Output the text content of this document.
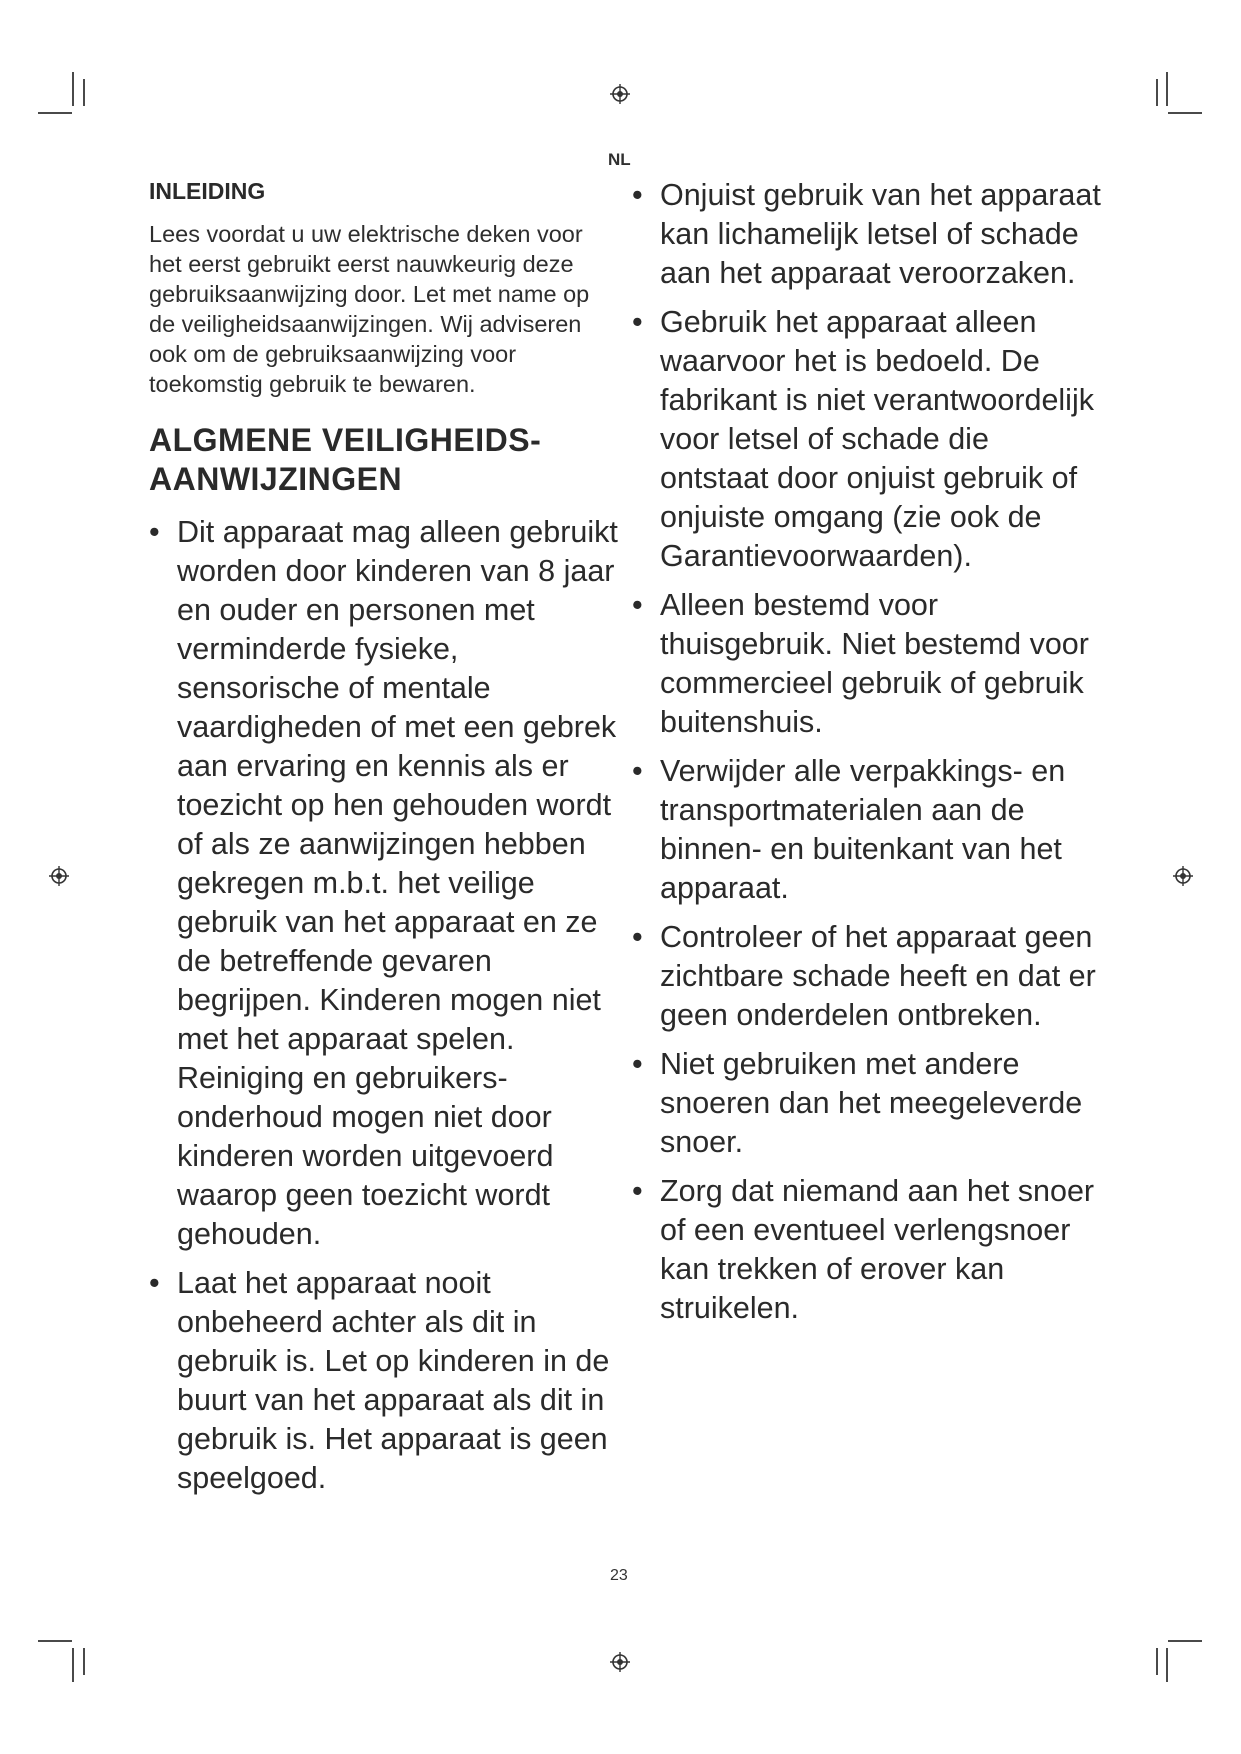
NL
INLEIDING

Lees voordat u uw elektrische deken voor het eerst gebruikt eerst nauwkeurig deze gebruiksaanwijzing door. Let met name op de veiligheidsaanwijzingen. Wij adviseren ook om de gebruiksaanwijzing voor toekomstig gebruik te bewaren.

ALGMENE VEILIGHEIDS-AANWIJZINGEN
• Dit apparaat mag alleen gebruikt worden door kinderen van 8 jaar en ouder en personen met verminderde fysieke, sensorische of mentale vaardigheden of met een gebrek aan ervaring en kennis als er toezicht op hen gehouden wordt of als ze aanwijzingen hebben gekregen m.b.t. het veilige gebruik van het apparaat en ze de betreffende gevaren begrijpen. Kinderen mogen niet met het apparaat spelen. Reiniging en gebruikers-onderhoud mogen niet door kinderen worden uitgevoerd waarop geen toezicht wordt gehouden.
• Laat het apparaat nooit onbeheerd achter als dit in gebruik is. Let op kinderen in de buurt van het apparaat als dit in gebruik is. Het apparaat is geen speelgoed.
• Onjuist gebruik van het apparaat kan lichamelijk letsel of schade aan het apparaat veroorzaken.
• Gebruik het apparaat alleen waarvoor het is bedoeld. De fabrikant is niet verantwoordelijk voor letsel of schade die ontstaat door onjuist gebruik of onjuiste omgang (zie ook de Garantievoorwaarden).
• Alleen bestemd voor thuisgebruik. Niet bestemd voor commercieel gebruik of gebruik buitenshuis.
• Verwijder alle verpakkings- en transportmaterialen aan de binnen- en buitenkant van het apparaat.
• Controleer of het apparaat geen zichtbare schade heeft en dat er geen onderdelen ontbreken.
• Niet gebruiken met andere snoeren dan het meegeleverde snoer.
• Zorg dat niemand aan het snoer of een eventueel verlengsnoer kan trekken of erover kan struikelen.
23
